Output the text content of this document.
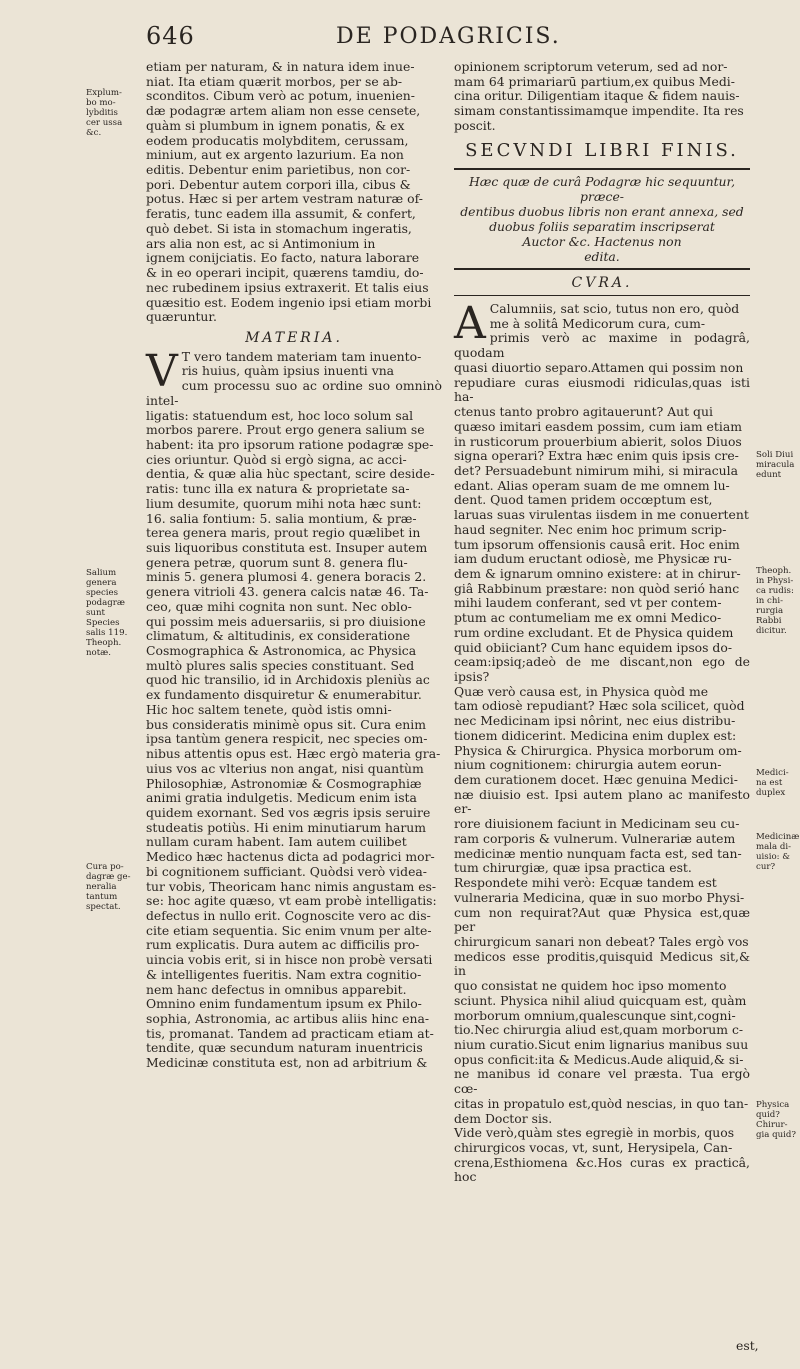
646	DE PODAGRICIS.

etiam per naturam, & in natura idem inue-

niat. Ita etiam quærit morbos, per se ab-

sconditos. Cibum verò ac potum, inuenien-

dæ podagræ artem aliam non esse censete,

quàm si plumbum in ignem ponatis, & ex

eodem producatis molybditem, cerussam,

minium, aut ex argento lazurium. Ea non

editis. Debentur enim parietibus, non cor-

pori. Debentur autem corpori illa, cibus &

potus. Hæc si per artem vestram naturæ of-

feratis, tunc eadem illa assumit, & confert,

quò debet. Si ista in stomachum ingeratis,

ars alia non est, ac si Antimonium in

ignem conijciatis. Eo facto, natura laborare

& in eo operari incipit, quærens tamdiu, do-

nec rubedinem ipsius extraxerit. Et talis eius

quæsitio est. Eodem ingenio ipsi etiam morbi

quæruntur.

MATERIA.
V T vero tandem materiam tam inuento-

ris huius, quàm ipsius inuenti vna

cum processu suo ac ordine suo omninò intel-

ligatis: statuendum est, hoc loco solum sal

morbos parere. Prout ergo genera salium se

habent: ita pro ipsorum ratione podagræ spe-

cies oriuntur. Quòd si ergò signa, ac acci-

dentia, & quæ alia hùc spectant, scire deside-

ratis: tunc illa ex natura & proprietate sa-

lium desumite, quorum mihi nota hæc sunt:

16. salia fontium: 5. salia montium, & præ-

terea genera maris, prout regio quælibet in

suis liquoribus constituta est. Insuper autem

genera petræ, quorum sunt 8. genera flu-

minis 5. genera plumosi 4. genera boracis 2.

genera vitrioli 43. genera calcis natæ 46. Ta-

ceo, quæ mihi cognita non sunt. Nec oblo-

qui possim meis aduersariis, si pro diuisione

climatum, & altitudinis, ex consideratione

Cosmographica & Astronomica, ac Physica

multò plures salis species constituant. Sed

quod hic transilio, id in Archidoxis pleniùs ac

ex fundamento disquiretur & enumerabitur.

Hic hoc saltem tenete, quòd istis omni-

bus consideratis minimè opus sit. Cura enim

ipsa tantùm genera respicit, nec species om-

nibus attentis opus est. Hæc ergò materia gra-

uius vos ac vlterius non angat, nisi quantùm

Philosophiæ, Astronomiæ & Cosmographiæ

animi gratia indulgetis. Medicum enim ista

quidem exornant. Sed vos ægris ipsis seruire

studeatis potiùs. Hi enim minutiarum harum

nullam curam habent. Iam autem cuilibet

Medico hæc hactenus dicta ad podagrici mor-

bi cognitionem sufficiant. Quòdsi verò videa-

tur vobis, Theoricam hanc nimis angustam es-

se: hoc agite quæso, vt eam probè intelligatis:

defectus in nullo erit. Cognoscite vero ac dis-

cite etiam sequentia. Sic enim vnum per alte-

rum explicatis. Dura autem ac difficilis pro-

uincia vobis erit, si in hisce non probè versati

& intelligentes fueritis. Nam extra cognitio-

nem hanc defectus in omnibus apparebit.

Omnino enim fundamentum ipsum ex Philo-

sophia, Astronomia, ac artibus aliis hinc ena-

tis, promanat. Tandem ad practicam etiam at-

tendite, quæ secundum naturam inuentricis

Medicinæ constituta est, non ad arbitrium &

opinionem scriptorum veterum, sed ad nor-

mam 64 primariarū partium,ex quibus Medi-

cina oritur. Diligentiam itaque & fidem nauis-

simam constantissimamque impendite. Ita res

poscit.

SECVNDI LIBRI FINIS.
Hæc quæ de curâ Podagræ hic sequuntur, præce-
dentibus duobus libris non erant annexa, sed
duobus foliis separatim inscripserat
Auctor &c. Hactenus non
edita.
CVRA.
A Calumniis, sat scio, tutus non ero, quòd

me à solitâ Medicorum cura, cum-

primis verò ac maxime in podagrâ, quodam

quasi diuortio separo.Attamen qui possim non

repudiare curas eiusmodi ridiculas,quas isti ha-

ctenus tanto probro agitauerunt? Aut qui

quæso imitari easdem possim, cum iam etiam

in rusticorum prouerbium abierit, solos Diuos

signa operari? Extra hæc enim quis ipsis cre-

det? Persuadebunt nimirum mihi, si miracula

edant. Alias operam suam de me omnem lu-

dent. Quod tamen pridem occœptum est,

laruas suas virulentas iisdem in me conuertent

haud segniter. Nec enim hoc primum scrip-

tum ipsorum offensionis causâ erit. Hoc enim

iam dudum eructant odiosè, me Physicæ ru-

dem & ignarum omnino existere: at in chirur-

giâ Rabbinum præstare: non quòd serió hanc

mihi laudem conferant, sed vt per contem-

ptum ac contumeliam me ex omni Medico-

rum ordine excludant. Et de Physica quidem

quid obiiciant? Cum hanc equidem ipsos do-

ceam:ipsiq;adeò de me discant,non ego de ipsis?

Quæ verò causa est, in Physica quòd me

tam odiosè repudiant? Hæc sola scilicet, quòd

nec Medicinam ipsi nôrint, nec eius distribu-

tionem didicerint. Medicina enim duplex est:

Physica & Chirurgica. Physica morborum om-

nium cognitionem: chirurgia autem eorun-

dem curationem docet. Hæc genuina Medici-

næ diuisio est. Ipsi autem plano ac manifesto er-

rore diuisionem faciunt in Medicinam seu cu-

ram corporis & vulnerum. Vulnerariæ autem

medicinæ mentio nunquam facta est, sed tan-

tum chirurgiæ, quæ ipsa practica est.

Respondete mihi verò: Ecquæ tandem est

vulneraria Medicina, quæ in suo morbo Physi-

cum non requirat?Aut quæ Physica est,quæ per

chirurgicum sanari non debeat? Tales ergò vos

medicos esse proditis,quisquid Medicus sit,& in

quo consistat ne quidem hoc ipso momento

sciunt. Physica nihil aliud quicquam est, quàm

morborum omnium,qualescunque sint,cogni-

tio.Nec chirurgia aliud est,quam morborum c-

nium curatio.Sicut enim lignarius manibus suu

opus conficit:ita & Medicus.Aude aliquid,& si-

ne manibus id conare vel præsta. Tua ergò cœ-

citas in propatulo est,quòd nescias, in quo tan-

dem Doctor sis.

Vide verò,quàm stes egregiè in morbis, quos

chirurgicos vocas, vt, sunt, Herysipela, Can-

crena,Esthiomena &c.Hos curas ex practicâ, hoc

est,
Explum-
bo mo-
lybditis
cer ussa
&c.
Salium
genera
species
podagræ
sunt
Species
salis 119.
Theoph.
notæ.
Cura po-
dagræ ge-
neralia
tantum
spectat.
Soli Diui
miracula
edunt
Theoph.
in Physi-
ca rudis:
in chi-
rurgia
Rabbi
dicitur.
Medici-
na est
duplex
Medicinæ
mala di-
uisio: &
cur?
Physica
quid?
Chirur-
gia quid?
